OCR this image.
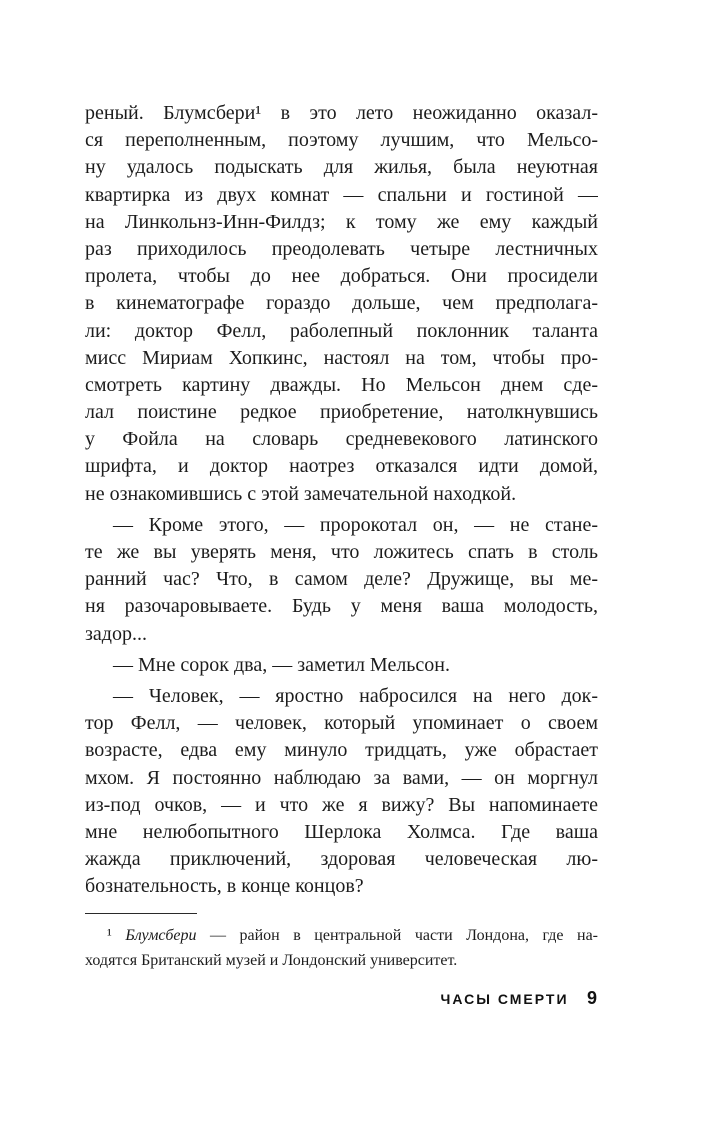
реный. Блумсбери¹ в это лето неожиданно оказал-
ся переполненным, поэтому лучшим, что Мельсо-
ну удалось подыскать для жилья, была неуютная
квартирка из двух комнат — спальни и гостиной —
на Линкольнз-Инн-Филдз; к тому же ему каждый
раз приходилось преодолевать четыре лестничных
пролета, чтобы до нее добраться. Они просидели
в кинематографе гораздо дольше, чем предполага-
ли: доктор Фелл, раболепный поклонник таланта
мисс Мириам Хопкинс, настоял на том, чтобы про-
смотреть картину дважды. Но Мельсон днем сде-
лал поистине редкое приобретение, натолкнувшись
у Фойла на словарь средневекового латинского
шрифта, и доктор наотрез отказался идти домой,
не ознакомившись с этой замечательной находкой.
— Кроме этого, — пророкотал он, — не стане-
те же вы уверять меня, что ложитесь спать в столь
ранний час? Что, в самом деле? Дружище, вы ме-
ня разочаровываете. Будь у меня ваша молодость,
задор...
— Мне сорок два, — заметил Мельсон.
— Человек, — яростно набросился на него док-
тор Фелл, — человек, который упоминает о своем
возрасте, едва ему минуло тридцать, уже обрастает
мхом. Я постоянно наблюдаю за вами, — он моргнул
из-под очков, — и что же я вижу? Вы напоминаете
мне нелюбопытного Шерлока Холмса. Где ваша
жажда приключений, здоровая человеческая лю-
бознательность, в конце концов?
¹ Блумсбери — район в центральной части Лондона, где на-
ходятся Британский музей и Лондонский университет.
ЧАСЫ СМЕРТИ 9
